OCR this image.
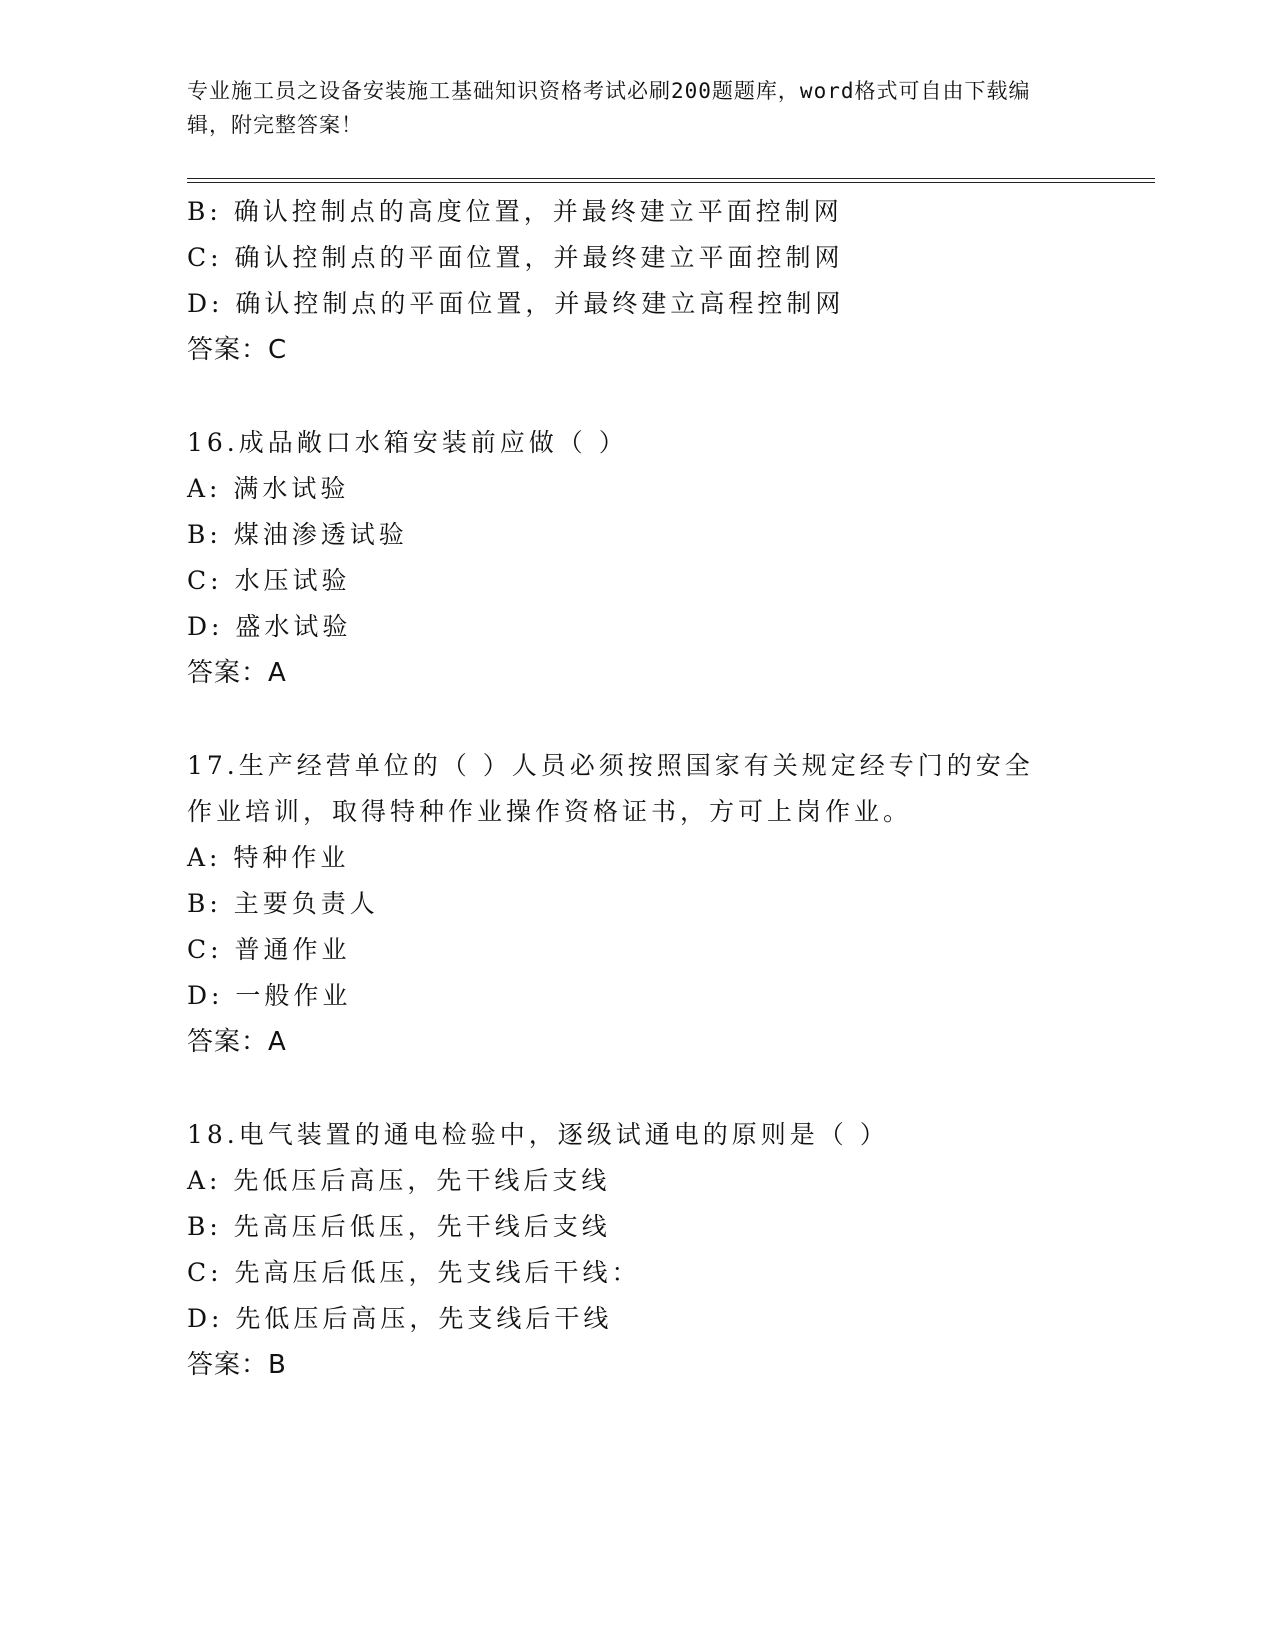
专业施工员之设备安装施工基础知识资格考试必刷200题题库，word格式可自由下载编辑，附完整答案！
B: 确认控制点的高度位置，并最终建立平面控制网
C: 确认控制点的平面位置，并最终建立平面控制网
D: 确认控制点的平面位置，并最终建立高程控制网
答案：C
16.成品敞口水箱安装前应做（ ）
A: 满水试验
B: 煤油渗透试验
C: 水压试验
D: 盛水试验
答案：A
17.生产经营单位的（ ）人员必须按照国家有关规定经专门的安全作业培训，取得特种作业操作资格证书，方可上岗作业。
A: 特种作业
B: 主要负责人
C: 普通作业
D: 一般作业
答案：A
18.电气装置的通电检验中，逐级试通电的原则是（ ）
A: 先低压后高压，先干线后支线
B: 先高压后低压，先干线后支线
C: 先高压后低压，先支线后干线：
D: 先低压后高压，先支线后干线
答案：B
